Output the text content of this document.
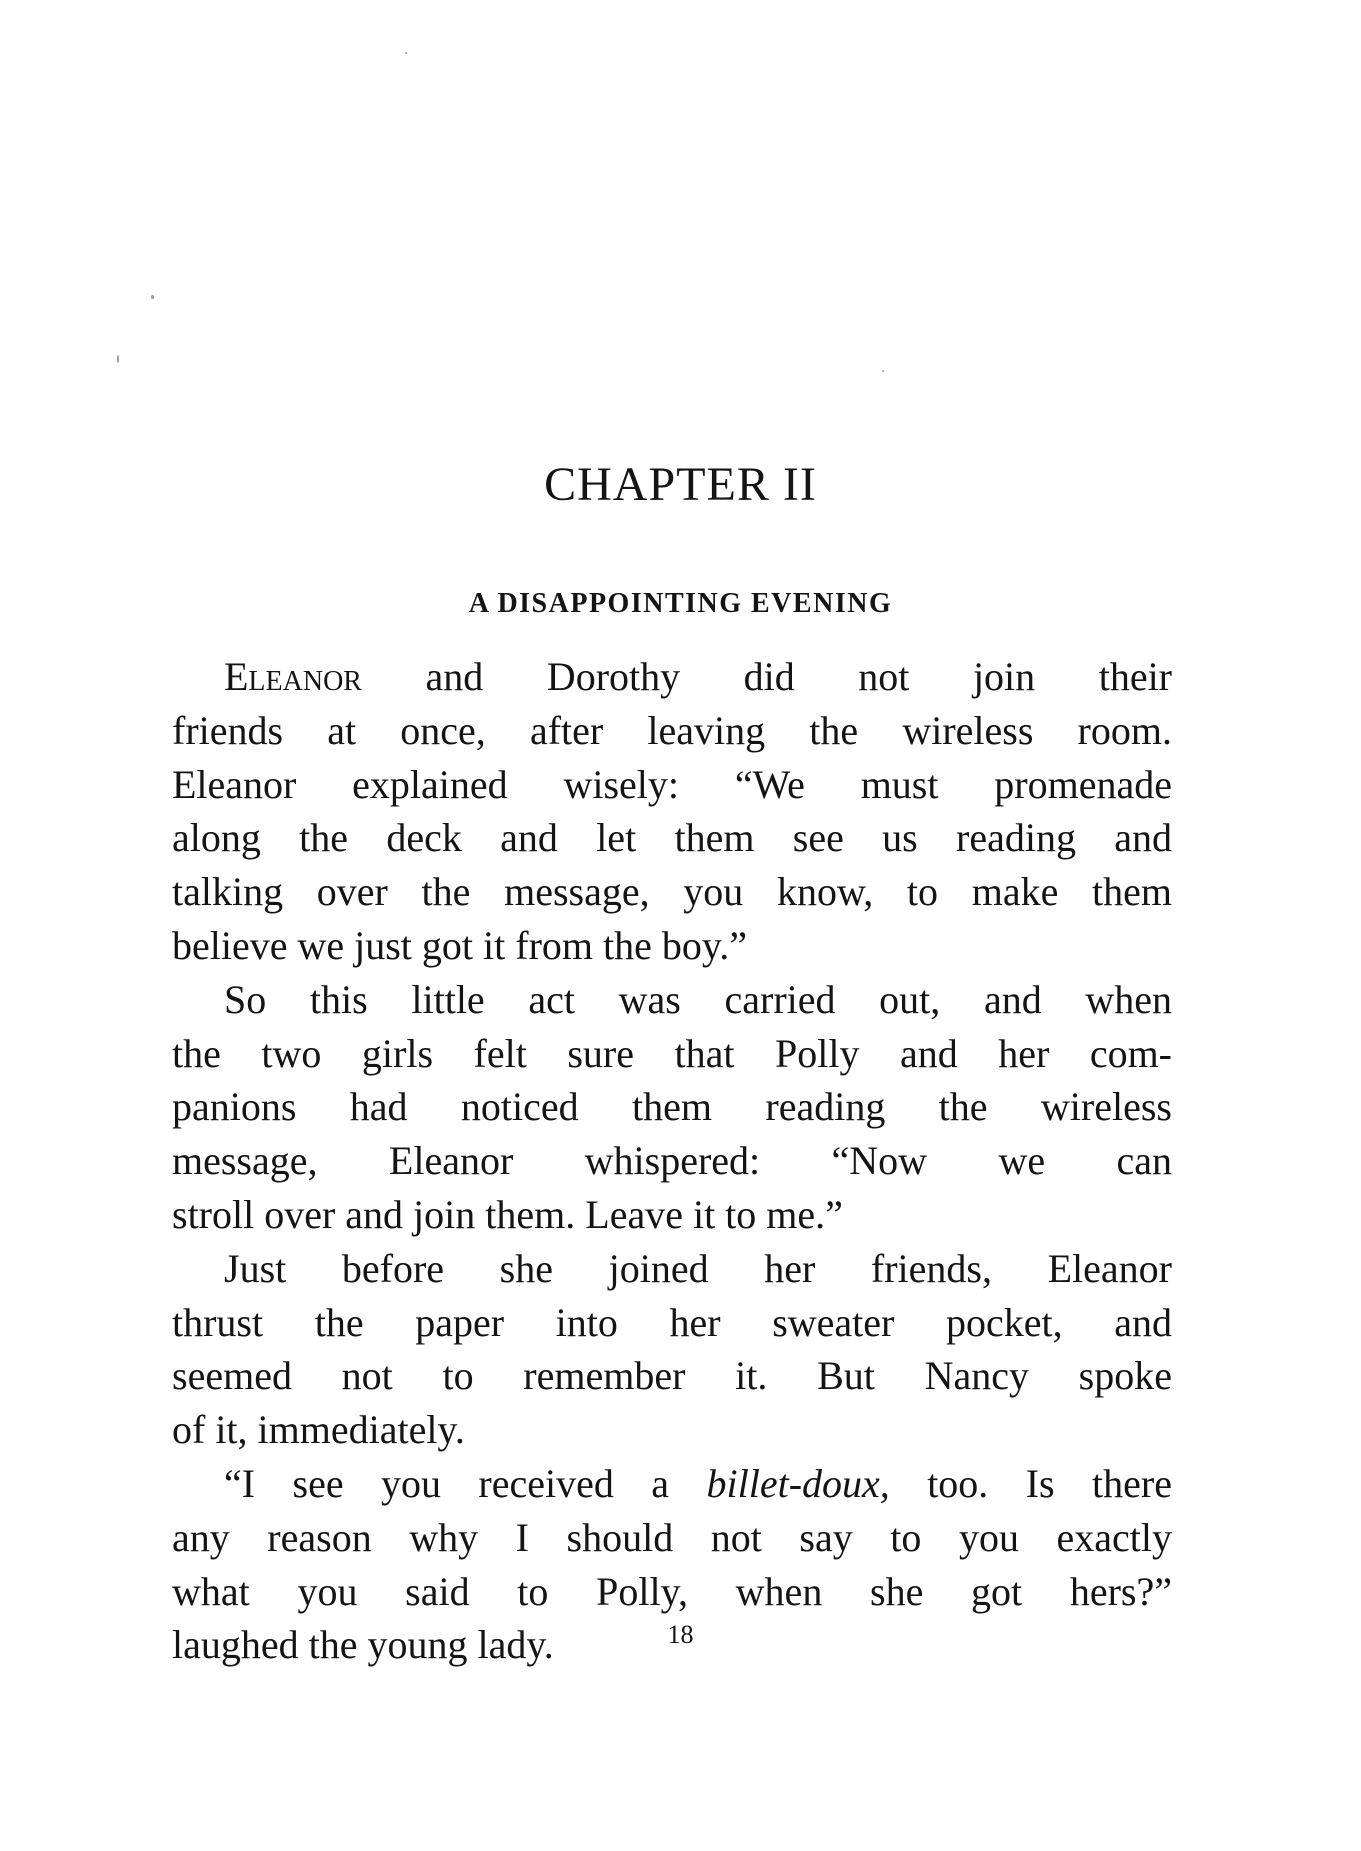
CHAPTER II
A DISAPPOINTING EVENING
Eleanor and Dorothy did not join their
friends at once, after leaving the wireless room.
Eleanor explained wisely: “We must promenade
along the deck and let them see us reading and
talking over the message, you know, to make them
believe we just got it from the boy.”
So this little act was carried out, and when
the two girls felt sure that Polly and her com-
panions had noticed them reading the wireless
message, Eleanor whispered: “Now we can
stroll over and join them. Leave it to me.”
Just before she joined her friends, Eleanor
thrust the paper into her sweater pocket, and
seemed not to remember it. But Nancy spoke
of it, immediately.
“I see you received a billet-doux, too. Is there
any reason why I should not say to you exactly
what you said to Polly, when she got hers?”
laughed the young lady.	18
